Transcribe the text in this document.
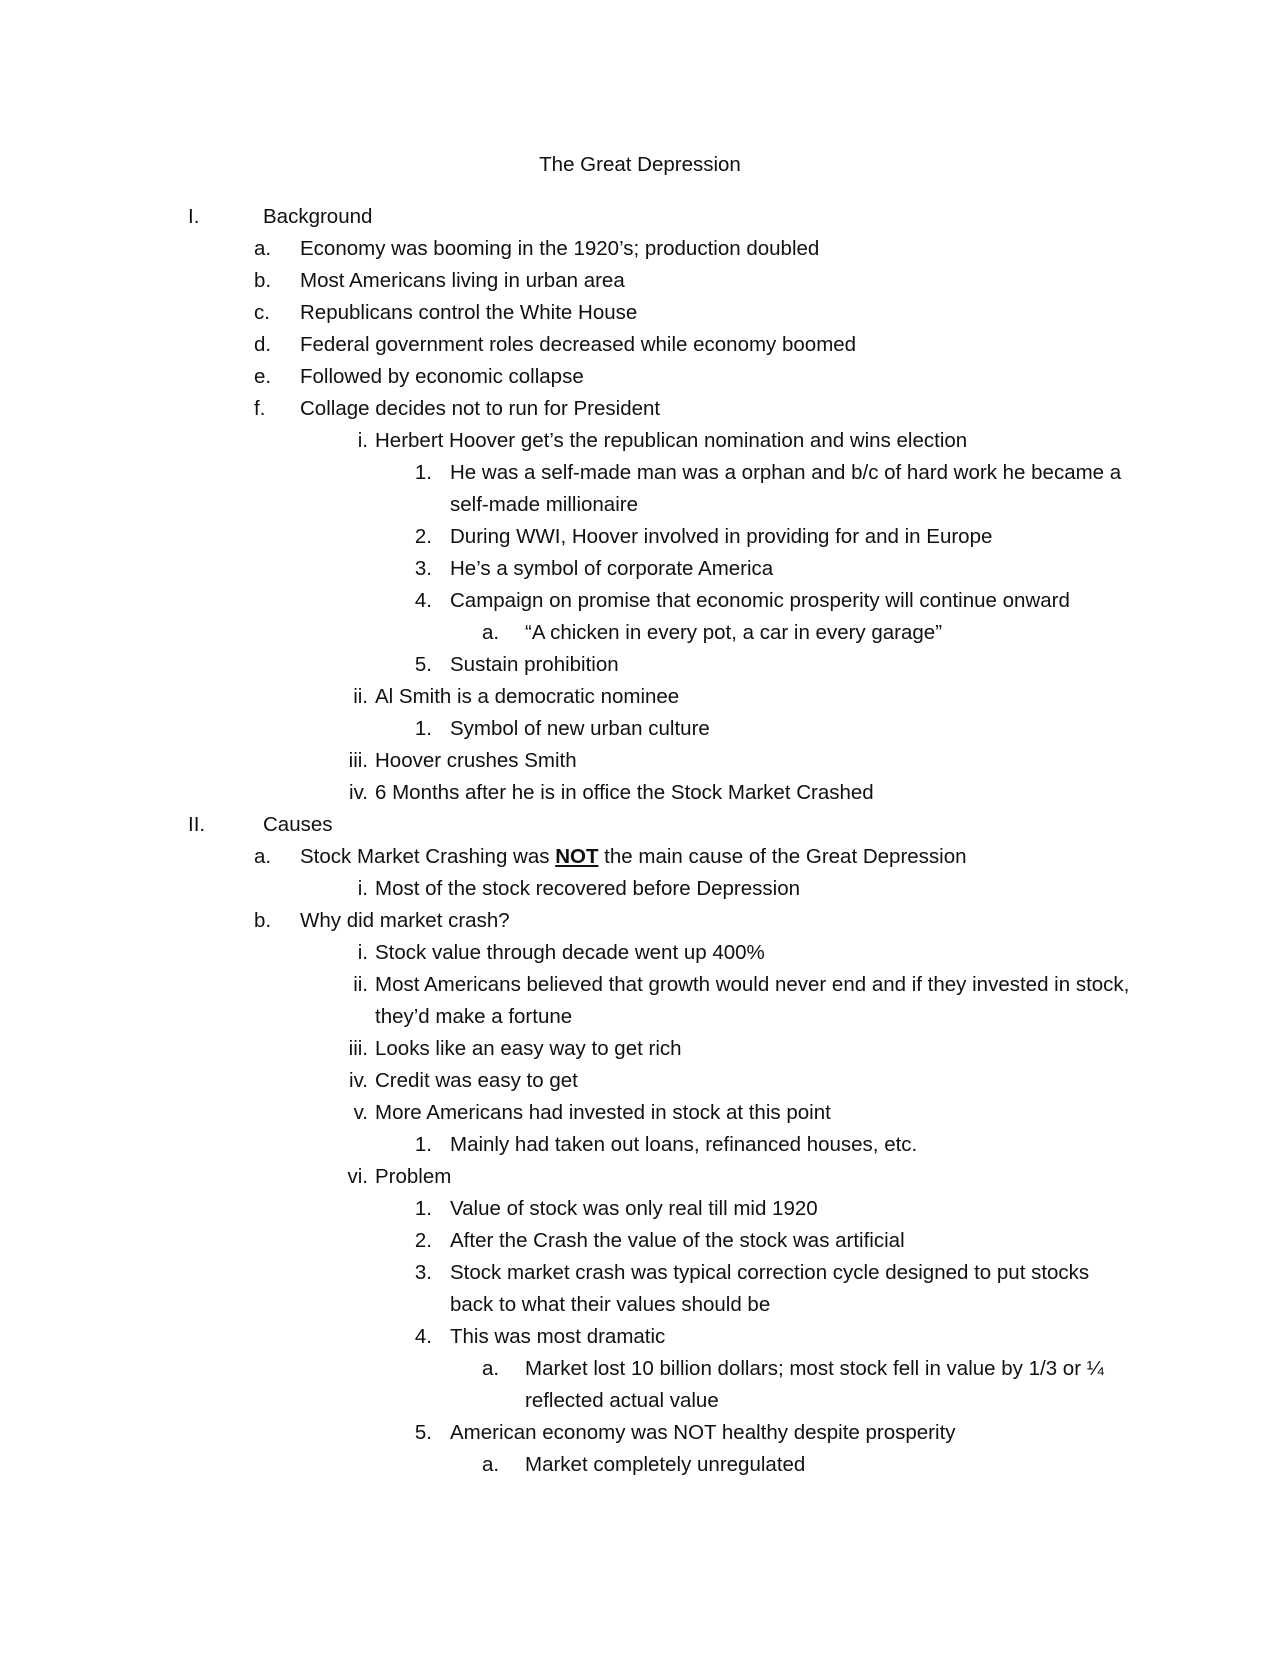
The Great Depression
I.	Background
a.	Economy was booming in the 1920’s; production doubled
b.	Most Americans living in urban area
c.	Republicans control the White House
d.	Federal government roles decreased while economy boomed
e.	Followed by economic collapse
f.	Collage decides not to run for President
i. Herbert Hoover get’s the republican nomination and wins election
1. He was a self-made man was a orphan and b/c of hard work he became a self-made millionaire
2. During WWI, Hoover involved in providing for and in Europe
3. He’s a symbol of corporate America
4. Campaign on promise that economic prosperity will continue onward
a.	“A chicken in every pot, a car in every garage”
5. Sustain prohibition
ii. Al Smith is a democratic nominee
1. Symbol of new urban culture
iii. Hoover crushes Smith
iv. 6 Months after he is in office the Stock Market Crashed
II.	Causes
a.	Stock Market Crashing was NOT the main cause of the Great Depression
i. Most of the stock recovered before Depression
b.	Why did market crash?
i. Stock value through decade went up 400%
ii. Most Americans believed that growth would never end and if they invested in stock, they’d make a fortune
iii. Looks like an easy way to get rich
iv. Credit was easy to get
v. More Americans had invested in stock at this point
1. Mainly had taken out loans, refinanced houses, etc.
vi. Problem
1. Value of stock was only real till mid 1920
2. After the Crash the value of the stock was artificial
3. Stock market crash was typical correction cycle designed to put stocks back to what their values should be
4. This was most dramatic
a.	Market lost 10 billion dollars; most stock fell in value by 1/3 or ¼ reflected actual value
5. American economy was NOT healthy despite prosperity
a.	Market completely unregulated
